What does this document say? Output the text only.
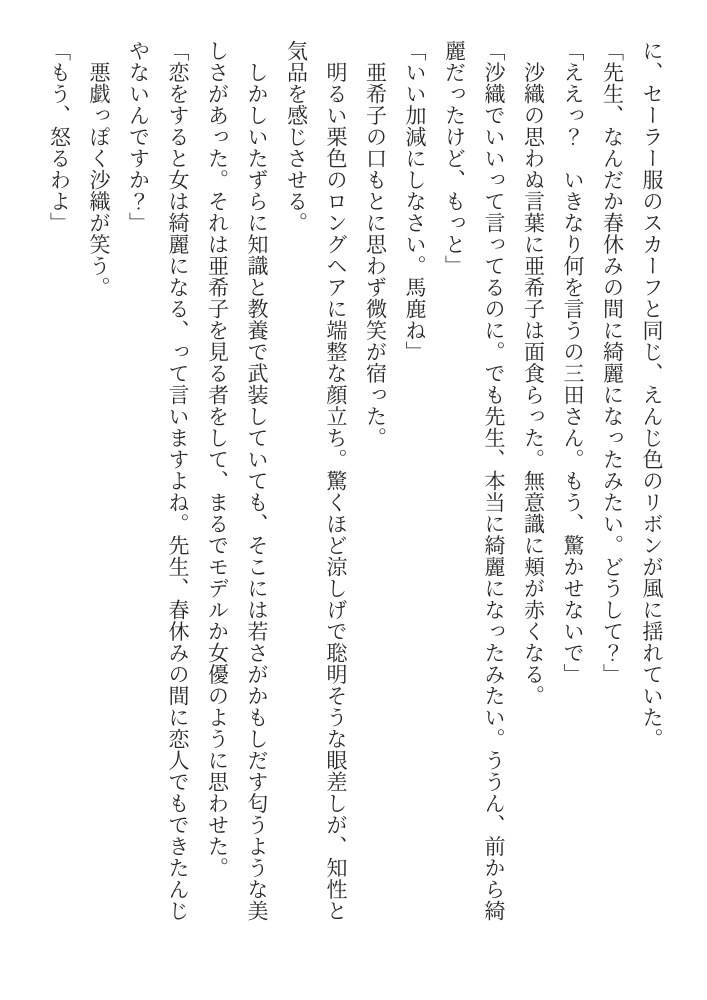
に、セーラー服のスカーフと同じ、えんじ色のリボンが風に揺れていた。

「先生、なんだか春休みの間に綺麗になったみたい。どうして？」

「ええっ？　いきなり何を言うの三田さん。もう、驚かせないで」

　沙織の思わぬ言葉に亜希子は面食らった。無意識に頬が赤くなる。

「沙織でいいって言ってるのに。でも先生、本当に綺麗になったみたい。ううん、前から綺

麗だったけど、もっと」

「いい加減にしなさい。馬鹿ね」

　亜希子の口もとに思わず微笑が宿った。

　明るい栗色のロングヘアに端整な顔立ち。驚くほど涼しげで聡明そうな眼差しが、知性と

気品を感じさせる。

　しかしいたずらに知識と教養で武装していても、そこには若さがかもしだす匂うような美

しさがあった。それは亜希子を見る者をして、まるでモデルか女優のように思わせた。

「恋をすると女は綺麗になる、って言いますよね。先生、春休みの間に恋人でもできたんじ

やないんですか？」

　悪戯っぽく沙織が笑う。

「もう、怒るわよ」
